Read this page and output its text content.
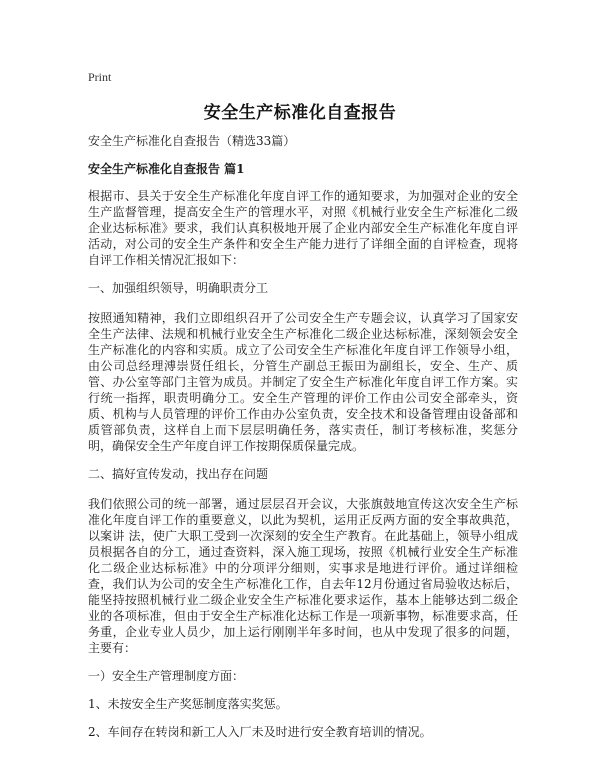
Print
安全生产标准化自查报告
安全生产标准化自查报告（精选33篇）
安全生产标准化自查报告 篇1

根据市、县关于安全生产标准化年度自评工作的通知要求，为加强对企业的安全生产监督管理，提高安全生产的管理水平，对照《机械行业安全生产标准化二级企业达标标准》要求，我们认真积极地开展了企业内部安全生产标准化年度自评活动，对公司的安全生产条件和安全生产能力进行了详细全面的自评检查，现将自评工作相关情况汇报如下：

一、加强组织领导，明确职责分工

按照通知精神，我们立即组织召开了公司安全生产专题会议，认真学习了国家安全生产法律、法规和机械行业安全生产标准化二级企业达标标准，深刻领会安全生产标准化的内容和实质。成立了公司安全生产标准化年度自评工作领导小组，由公司总经理溥崇贤任组长，分管生产副总王振田为副组长，安全、生产、质管、办公室等部门主管为成员。并制定了安全生产标准化年度自评工作方案。实行统一指挥，职责明确分工。安全生产管理的评价工作由公司安全部牵头，资质、机构与人员管理的评价工作由办公室负责，安全技术和设备管理由设备部和质管部负责，这样自上而下层层明确任务，落实责任，制订考核标准，奖惩分明，确保安全生产年度自评工作按期保质保量完成。

二、搞好宣传发动，找出存在问题

我们依照公司的统一部署，通过层层召开会议，大张旗鼓地宣传这次安全生产标准化年度自评工作的重要意义，以此为契机，运用正反两方面的安全事故典范，以案讲 法，使广大职工受到一次深刻的安全生产教育。在此基础上，领导小组成员根据各自的分工，通过查资料，深入施工现场，按照《机械行业安全生产标准化二级企业达标标准》中的分项评分细则，实事求是地进行评价。通过详细检查，我们认为公司的安全生产标准化工作，自去年12月份通过省局验收达标后，能坚持按照机械行业二级企业安全生产标准化要求运作，基本上能够达到二级企业的各项标准，但由于安全生产标准化达标工作是一项新事物，标准要求高，任务重，企业专业人员少，加上运行刚刚半年多时间，也从中发现了很多的问题，主要有：

一）安全生产管理制度方面：

1、未按安全生产奖惩制度落实奖惩。

2、车间存在转岗和新工人入厂未及时进行安全教育培训的情况。
